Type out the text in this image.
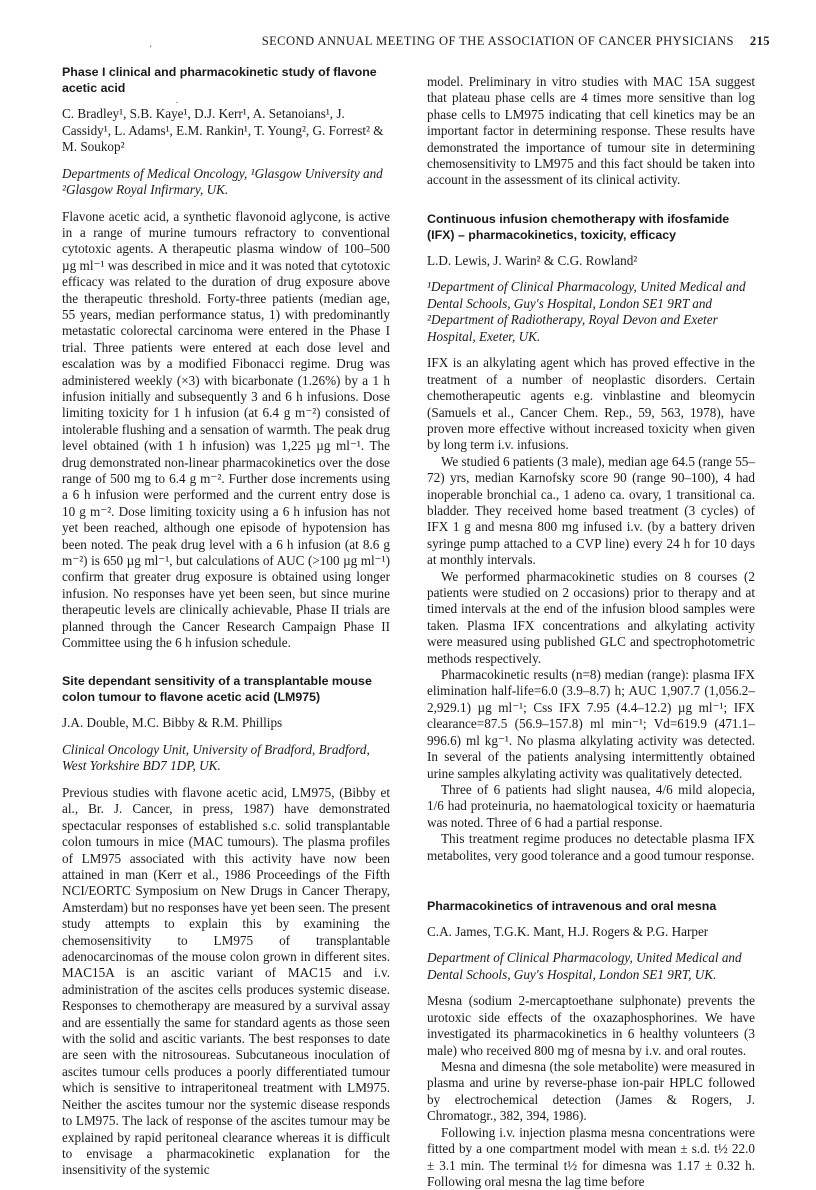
'
.
SECOND ANNUAL MEETING OF THE ASSOCIATION OF CANCER PHYSICIANS 215

Phase I clinical and pharmacokinetic study of flavone acetic acid

C. Bradley¹, S.B. Kaye¹, D.J. Kerr¹, A. Setanoians¹, J. Cassidy¹, L. Adams¹, E.M. Rankin¹, T. Young², G. Forrest² & M. Soukop²

Departments of Medical Oncology, ¹Glasgow University and ²Glasgow Royal Infirmary, UK.

Flavone acetic acid, a synthetic flavonoid aglycone, is active in a range of murine tumours refractory to conventional cytotoxic agents. A therapeutic plasma window of 100–500 µg ml⁻¹ was described in mice and it was noted that cytotoxic efficacy was related to the duration of drug exposure above the therapeutic threshold. Forty-three patients (median age, 55 years, median performance status, 1) with predominantly metastatic colorectal carcinoma were entered in the Phase I trial. Three patients were entered at each dose level and escalation was by a modified Fibonacci regime. Drug was administered weekly (×3) with bicarbonate (1.26%) by a 1 h infusion initially and subsequently 3 and 6 h infusions. Dose limiting toxicity for 1 h infusion (at 6.4 g m⁻²) consisted of intolerable flushing and a sensation of warmth. The peak drug level obtained (with 1 h infusion) was 1,225 µg ml⁻¹. The drug demonstrated non-linear pharmacokinetics over the dose range of 500 mg to 6.4 g m⁻². Further dose increments using a 6 h infusion were performed and the current entry dose is 10 g m⁻². Dose limiting toxicity using a 6 h infusion has not yet been reached, although one episode of hypotension has been noted. The peak drug level with a 6 h infusion (at 8.6 g m⁻²) is 650 µg ml⁻¹, but calculations of AUC (>100 µg ml⁻¹) confirm that greater drug exposure is obtained using longer infusion. No responses have yet been seen, but since murine therapeutic levels are clinically achievable, Phase II trials are planned through the Cancer Research Campaign Phase II Committee using the 6 h infusion schedule.

Site dependant sensitivity of a transplantable mouse colon tumour to flavone acetic acid (LM975)

J.A. Double, M.C. Bibby & R.M. Phillips

Clinical Oncology Unit, University of Bradford, Bradford, West Yorkshire BD7 1DP, UK.

Previous studies with flavone acetic acid, LM975, (Bibby et al., Br. J. Cancer, in press, 1987) have demonstrated spectacular responses of established s.c. solid transplantable colon tumours in mice (MAC tumours). The plasma profiles of LM975 associated with this activity have now been attained in man (Kerr et al., 1986 Proceedings of the Fifth NCI/EORTC Symposium on New Drugs in Cancer Therapy, Amsterdam) but no responses have yet been seen. The present study attempts to explain this by examining the chemosensitivity to LM975 of transplantable adenocarcinomas of the mouse colon grown in different sites. MAC15A is an ascitic variant of MAC15 and i.v. administration of the ascites cells produces systemic disease. Responses to chemotherapy are measured by a survival assay and are essentially the same for standard agents as those seen with the solid and ascitic variants. The best responses to date are seen with the nitrosoureas. Subcutaneous inoculation of ascites tumour cells produces a poorly differentiated tumour which is sensitive to intraperitoneal treatment with LM975. Neither the ascites tumour nor the systemic disease responds to LM975. The lack of response of the ascites tumour may be explained by rapid peritoneal clearance whereas it is difficult to envisage a pharmacokinetic explanation for the insensitivity of the systemic

model. Preliminary in vitro studies with MAC 15A suggest that plateau phase cells are 4 times more sensitive than log phase cells to LM975 indicating that cell kinetics may be an important factor in determining response. These results have demonstrated the importance of tumour site in determining chemosensitivity to LM975 and this fact should be taken into account in the assessment of its clinical activity.

Continuous infusion chemotherapy with ifosfamide (IFX) – pharmacokinetics, toxicity, efficacy

L.D. Lewis, J. Warin² & C.G. Rowland²

¹Department of Clinical Pharmacology, United Medical and Dental Schools, Guy's Hospital, London SE1 9RT and ²Department of Radiotherapy, Royal Devon and Exeter Hospital, Exeter, UK.

IFX is an alkylating agent which has proved effective in the treatment of a number of neoplastic disorders. Certain chemotherapeutic agents e.g. vinblastine and bleomycin (Samuels et al., Cancer Chem. Rep., 59, 563, 1978), have proven more effective without increased toxicity when given by long term i.v. infusions.

We studied 6 patients (3 male), median age 64.5 (range 55–72) yrs, median Karnofsky score 90 (range 90–100), 4 had inoperable bronchial ca., 1 adeno ca. ovary, 1 transitional ca. bladder. They received home based treatment (3 cycles) of IFX 1 g and mesna 800 mg infused i.v. (by a battery driven syringe pump attached to a CVP line) every 24 h for 10 days at monthly intervals.

We performed pharmacokinetic studies on 8 courses (2 patients were studied on 2 occasions) prior to therapy and at timed intervals at the end of the infusion blood samples were taken. Plasma IFX concentrations and alkylating activity were measured using published GLC and spectrophotometric methods respectively.

Pharmacokinetic results (n=8) median (range): plasma IFX elimination half-life=6.0 (3.9–8.7) h; AUC 1,907.7 (1,056.2–2,929.1) µg ml⁻¹; Css IFX 7.95 (4.4–12.2) µg ml⁻¹; IFX clearance=87.5 (56.9–157.8) ml min⁻¹; Vd=619.9 (471.1–996.6) ml kg⁻¹. No plasma alkylating activity was detected. In several of the patients analysing intermittently obtained urine samples alkylating activity was qualitatively detected.

Three of 6 patients had slight nausea, 4/6 mild alopecia, 1/6 had proteinuria, no haematological toxicity or haematuria was noted. Three of 6 had a partial response.

This treatment regime produces no detectable plasma IFX metabolites, very good tolerance and a good tumour response.

Pharmacokinetics of intravenous and oral mesna

C.A. James, T.G.K. Mant, H.J. Rogers & P.G. Harper

Department of Clinical Pharmacology, United Medical and Dental Schools, Guy's Hospital, London SE1 9RT, UK.

Mesna (sodium 2-mercaptoethane sulphonate) prevents the urotoxic side effects of the oxazaphosphorines. We have investigated its pharmacokinetics in 6 healthy volunteers (3 male) who received 800 mg of mesna by i.v. and oral routes.

Mesna and dimesna (the sole metabolite) were measured in plasma and urine by reverse-phase ion-pair HPLC followed by electrochemical detection (James & Rogers, J. Chromatogr., 382, 394, 1986).

Following i.v. injection plasma mesna concentrations were fitted by a one compartment model with mean ± s.d. t½ 22.0 ± 3.1 min. The terminal t½ for dimesna was 1.17 ± 0.32 h. Following oral mesna the lag time before
